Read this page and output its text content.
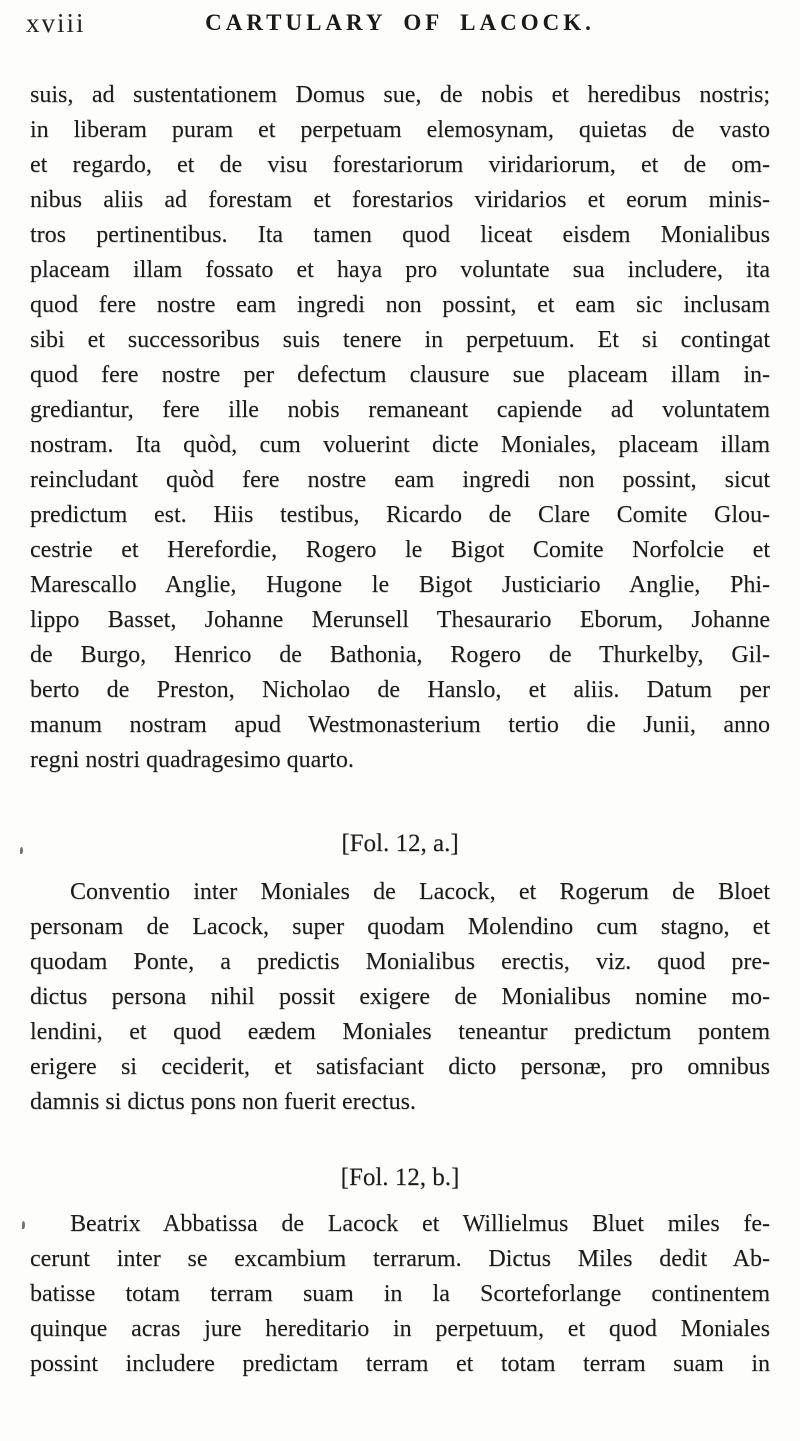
xviii	CARTULARY OF LACOCK.
suis, ad sustentationem Domus sue, de nobis et heredibus nostris;
in liberam puram et perpetuam elemosynam, quietas de vasto
et regardo, et de visu forestariorum viridariorum, et de om-
nibus aliis ad forestam et forestarios viridarios et eorum minis-
tros pertinentibus. Ita tamen quod liceat eisdem Monialibus
placeam illam fossato et haya pro voluntate sua includere, ita
quod fere nostre eam ingredi non possint, et eam sic inclusam
sibi et successoribus suis tenere in perpetuum. Et si contingat
quod fere nostre per defectum clausure sue placeam illam in-
grediantur, fere ille nobis remaneant capiende ad voluntatem
nostram. Ita quòd, cum voluerint dicte Moniales, placeam illam
reincludant quòd fere nostre eam ingredi non possint, sicut
predictum est. Hiis testibus, Ricardo de Clare Comite Glou-
cestrie et Herefordie, Rogero le Bigot Comite Norfolcie et
Marescallo Anglie, Hugone le Bigot Justiciario Anglie, Phi-
lippo Basset, Johanne Merunsell Thesaurario Eborum, Johanne
de Burgo, Henrico de Bathonia, Rogero de Thurkelby, Gil-
berto de Preston, Nicholao de Hanslo, et aliis. Datum per
manum nostram apud Westmonasterium tertio die Junii, anno
regni nostri quadragesimo quarto.
[Fol. 12, a.]
Conventio inter Moniales de Lacock, et Rogerum de Bloet
personam de Lacock, super quodam Molendino cum stagno, et
quodam Ponte, a predictis Monialibus erectis, viz. quod pre-
dictus persona nihil possit exigere de Monialibus nomine mo-
lendini, et quod eædem Moniales teneantur predictum pontem
erigere si ceciderit, et satisfaciant dicto personæ, pro omnibus
damnis si dictus pons non fuerit erectus.
[Fol. 12, b.]
Beatrix Abbatissa de Lacock et Willielmus Bluet miles fe-
cerunt inter se excambium terrarum. Dictus Miles dedit Ab-
batisse totam terram suam in la Scorteforlange continentem
quinque acras jure hereditario in perpetuum, et quod Moniales
possint includere predictam terram et totam terram suam in
